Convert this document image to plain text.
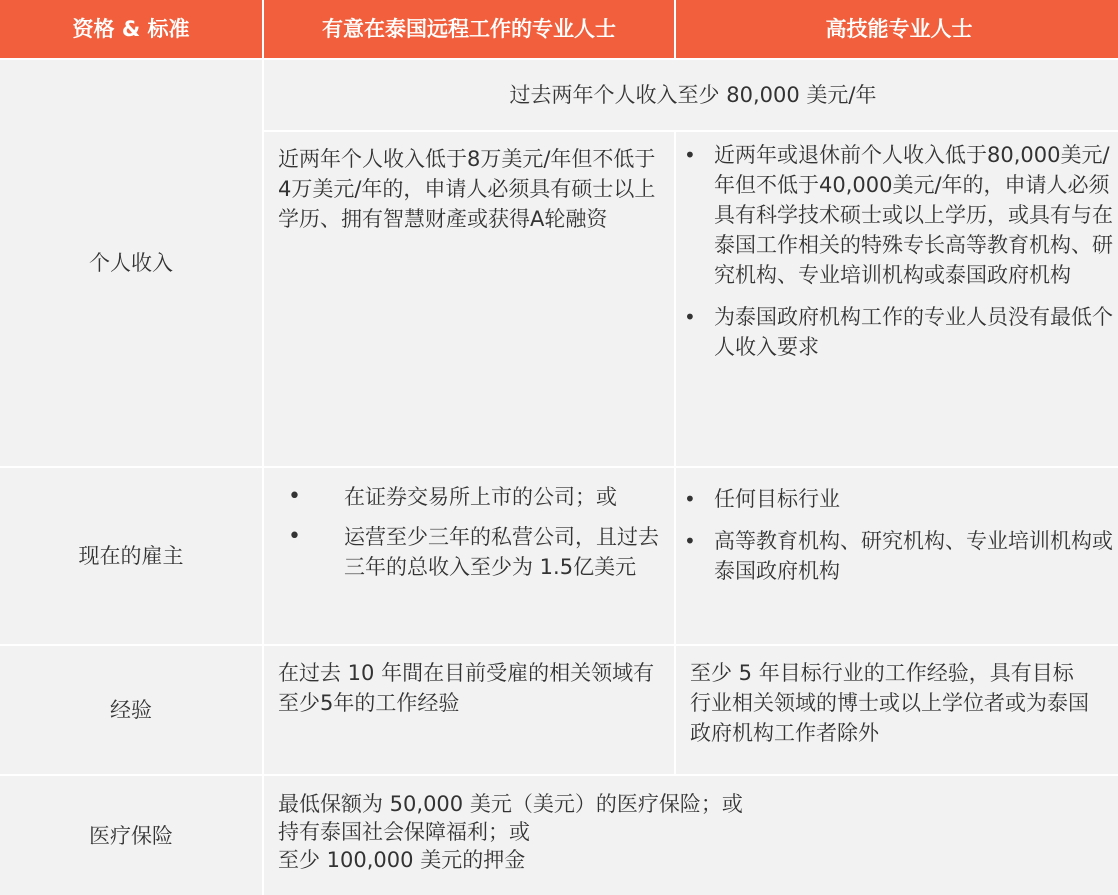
资格 & 标准	有意在泰国远程工作的专业人士	高技能专业人士
个人收入
过去两年个人收入至少 80,000 美元/年
近两年个人收入低于8万美元/年但不低于4万美元/年的，申请人必须具有硕士以上学历、拥有智慧财產或获得A轮融资
• 近两年或退休前个人收入低于80,000美元/年但不低于40,000美元/年的，申请人必须具有科学技术硕士或以上学历，或具有与在泰国工作相关的特殊专长高等教育机构、研究机构、专业培训机构或泰国政府机构
• 为泰国政府机构工作的专业人员没有最低个人收入要求
现在的雇主
• 在证券交易所上市的公司；或
• 运营至少三年的私营公司，且过去三年的总收入至少为 1.5亿美元
• 任何目标行业
• 高等教育机构、研究机构、专业培训机构或泰国政府机构
经验
在过去 10 年間在目前受雇的相关领域有至少5年的工作经验
至少 5 年目标行业的工作经验，具有目标行业相关领域的博士或以上学位者或为泰国政府机构工作者除外
医疗保险
最低保额为 50,000 美元（美元）的医疗保险；或
持有泰国社会保障福利；或
至少 100,000 美元的押金
